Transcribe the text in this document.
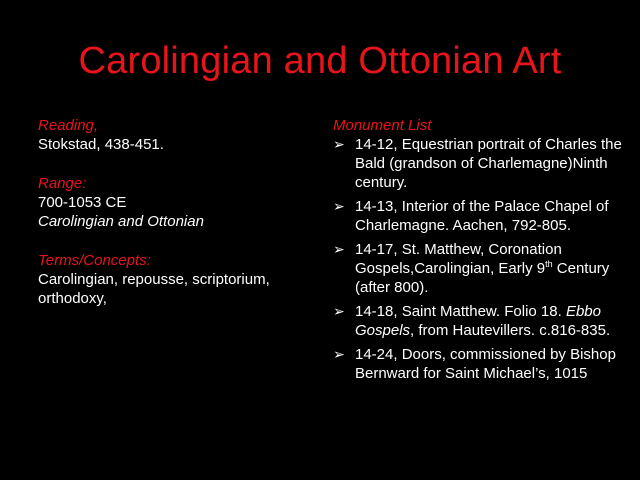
Carolingian and Ottonian Art
Reading,
Stokstad, 438-451.
Range:
700-1053 CE
Carolingian and Ottonian
Terms/Concepts:
Carolingian, repousse, scriptorium, orthodoxy,
Monument List
➢ 14-12, Equestrian portrait of Charles the Bald (grandson of Charlemagne)Ninth century.
➢ 14-13, Interior of the Palace Chapel of Charlemagne. Aachen, 792-805.
➢ 14-17, St. Matthew, Coronation Gospels,Carolingian, Early 9th Century (after 800).
➢ 14-18, Saint Matthew. Folio 18. Ebbo Gospels, from Hautevillers. c.816-835.
➢ 14-24, Doors, commissioned by Bishop Bernward for Saint Michael’s, 1015
